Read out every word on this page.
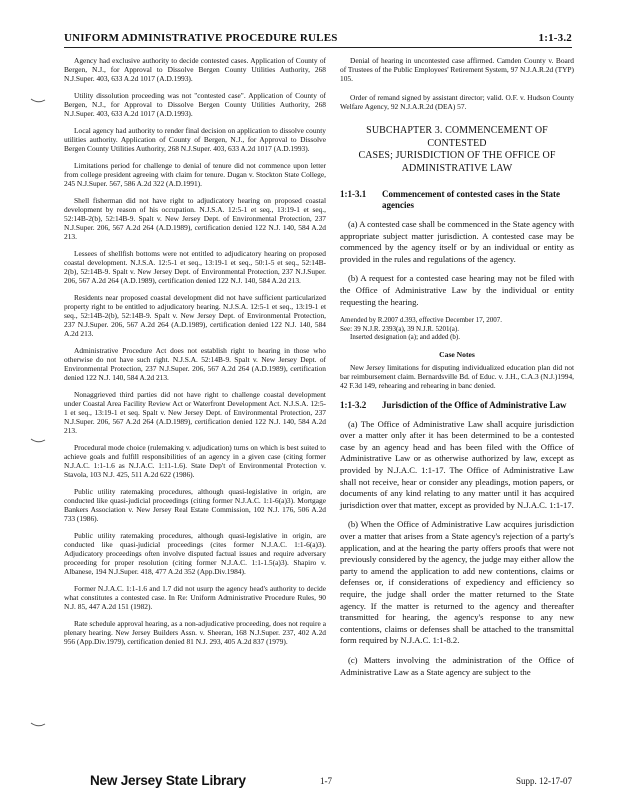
UNIFORM ADMINISTRATIVE PROCEDURE RULES	1:1-3.2

Agency had exclusive authority to decide contested cases. Application of County of Bergen, N.J., for Approval to Dissolve Bergen County Utilities Authority, 268 N.J.Super. 403, 633 A.2d 1017 (A.D.1993).

Utility dissolution proceeding was not "contested case". Application of County of Bergen, N.J., for Approval to Dissolve Bergen County Utilities Authority, 268 N.J.Super. 403, 633 A.2d 1017 (A.D.1993).

Local agency had authority to render final decision on application to dissolve county utilities authority. Application of County of Bergen, N.J., for Approval to Dissolve Bergen County Utilities Authority, 268 N.J.Super. 403, 633 A.2d 1017 (A.D.1993).

Limitations period for challenge to denial of tenure did not commence upon letter from college president agreeing with claim for tenure. Dugan v. Stockton State College, 245 N.J.Super. 567, 586 A.2d 322 (A.D.1991).

Shell fisherman did not have right to adjudicatory hearing on proposed coastal development by reason of his occupation. N.J.S.A. 12:5-1 et seq., 13:19-1 et seq., 52:14B-2(b), 52:14B-9. Spalt v. New Jersey Dept. of Environmental Protection, 237 N.J.Super. 206, 567 A.2d 264 (A.D.1989), certification denied 122 N.J. 140, 584 A.2d 213.

Lessees of shellfish bottoms were not entitled to adjudicatory hearing on proposed coastal development. N.J.S.A. 12:5-1 et seq., 13:19-1 et seq., 50:1-5 et seq., 52:14B-2(b), 52:14B-9. Spalt v. New Jersey Dept. of Environmental Protection, 237 N.J.Super. 206, 567 A.2d 264 (A.D.1989), certification denied 122 N.J. 140, 584 A.2d 213.

Residents near proposed coastal development did not have sufficient particularized property right to be entitled to adjudicatory hearing. N.J.S.A. 12:5-1 et seq., 13:19-1 et seq., 52:14B-2(b), 52:14B-9. Spalt v. New Jersey Dept. of Environmental Protection, 237 N.J.Super. 206, 567 A.2d 264 (A.D.1989), certification denied 122 N.J. 140, 584 A.2d 213.

Administrative Procedure Act does not establish right to hearing in those who otherwise do not have such right. N.J.S.A. 52:14B-9. Spalt v. New Jersey Dept. of Environmental Protection, 237 N.J.Super. 206, 567 A.2d 264 (A.D.1989), certification denied 122 N.J. 140, 584 A.2d 213.

Nonaggrieved third parties did not have right to challenge coastal development under Coastal Area Facility Review Act or Waterfront Development Act. N.J.S.A. 12:5-1 et seq., 13:19-1 et seq. Spalt v. New Jersey Dept. of Environmental Protection, 237 N.J.Super. 206, 567 A.2d 264 (A.D.1989), certification denied 122 N.J. 140, 584 A.2d 213.

Procedural mode choice (rulemaking v. adjudication) turns on which is best suited to achieve goals and fulfill responsibilities of an agency in a given case (citing former N.J.A.C. 1:1-1.6 as N.J.A.C. 1:11-1.6). State Dep't of Environmental Protection v. Stavola, 103 N.J. 425, 511 A.2d 622 (1986).

Public utility ratemaking procedures, although quasi-legislative in origin, are conducted like quasi-judicial proceedings (citing former N.J.A.C. 1:1-6(a)3). Mortgage Bankers Association v. New Jersey Real Estate Commission, 102 N.J. 176, 506 A.2d 733 (1986).

Public utility ratemaking procedures, although quasi-legislative in origin, are conducted like quasi-judicial proceedings (cites former N.J.A.C. 1:1-6(a)3). Adjudicatory proceedings often involve disputed factual issues and require adversary proceeding for proper resolution (citing former N.J.A.C. 1:1-1.5(a)3). Shapiro v. Albanese, 194 N.J.Super. 418, 477 A.2d 352 (App.Div.1984).

Former N.J.A.C. 1:1-1.6 and 1.7 did not usurp the agency head's authority to decide what constitutes a contested case. In Re: Uniform Administrative Procedure Rules, 90 N.J. 85, 447 A.2d 151 (1982).

Rate schedule approval hearing, as a non-adjudicative proceeding, does not require a plenary hearing. New Jersey Builders Assn. v. Sheeran, 168 N.J.Super. 237, 402 A.2d 956 (App.Div.1979), certification denied 81 N.J. 293, 405 A.2d 837 (1979).

Denial of hearing in uncontested case affirmed. Camden County v. Board of Trustees of the Public Employees' Retirement System, 97 N.J.A.R.2d (TYP) 105.

Order of remand signed by assistant director; valid. O.F. v. Hudson County Welfare Agency, 92 N.J.A.R.2d (DEA) 57.

SUBCHAPTER 3. COMMENCEMENT OF CONTESTED
CASES; JURISDICTION OF THE OFFICE OF
ADMINISTRATIVE LAW
1:1-3.1	Commencement of contested cases in the State agencies

(a) A contested case shall be commenced in the State agency with appropriate subject matter jurisdiction. A contested case may be commenced by the agency itself or by an individual or entity as provided in the rules and regulations of the agency.

(b) A request for a contested case hearing may not be filed with the Office of Administrative Law by the individual or entity requesting the hearing.

Amended by R.2007 d.393, effective December 17, 2007.
See: 39 N.J.R. 2393(a), 39 N.J.R. 5201(a).
Inserted designation (a); and added (b).
Case Notes

New Jersey limitations for disputing individualized education plan did not bar reimbursement claim. Bernardsville Bd. of Educ. v. J.H., C.A.3 (N.J.)1994, 42 F.3d 149, rehearing and rehearing in banc denied.

1:1-3.2	Jurisdiction of the Office of Administrative Law

(a) The Office of Administrative Law shall acquire jurisdiction over a matter only after it has been determined to be a contested case by an agency head and has been filed with the Office of Administrative Law or as otherwise authorized by law, except as provided by N.J.A.C. 1:1-17. The Office of Administrative Law shall not receive, hear or consider any pleadings, motion papers, or documents of any kind relating to any matter until it has acquired jurisdiction over that matter, except as provided by N.J.A.C. 1:1-17.

(b) When the Office of Administrative Law acquires jurisdiction over a matter that arises from a State agency's rejection of a party's application, and at the hearing the party offers proofs that were not previously considered by the agency, the judge may either allow the party to amend the application to add new contentions, claims or defenses or, if considerations of expediency and efficiency so require, the judge shall order the matter returned to the State agency. If the matter is returned to the agency and thereafter transmitted for hearing, the agency's response to any new contentions, claims or defenses shall be attached to the transmittal form required by N.J.A.C. 1:1-8.2.

(c) Matters involving the administration of the Office of Administrative Law as a State agency are subject to the

New Jersey State Library	1-7	Supp. 12-17-07
